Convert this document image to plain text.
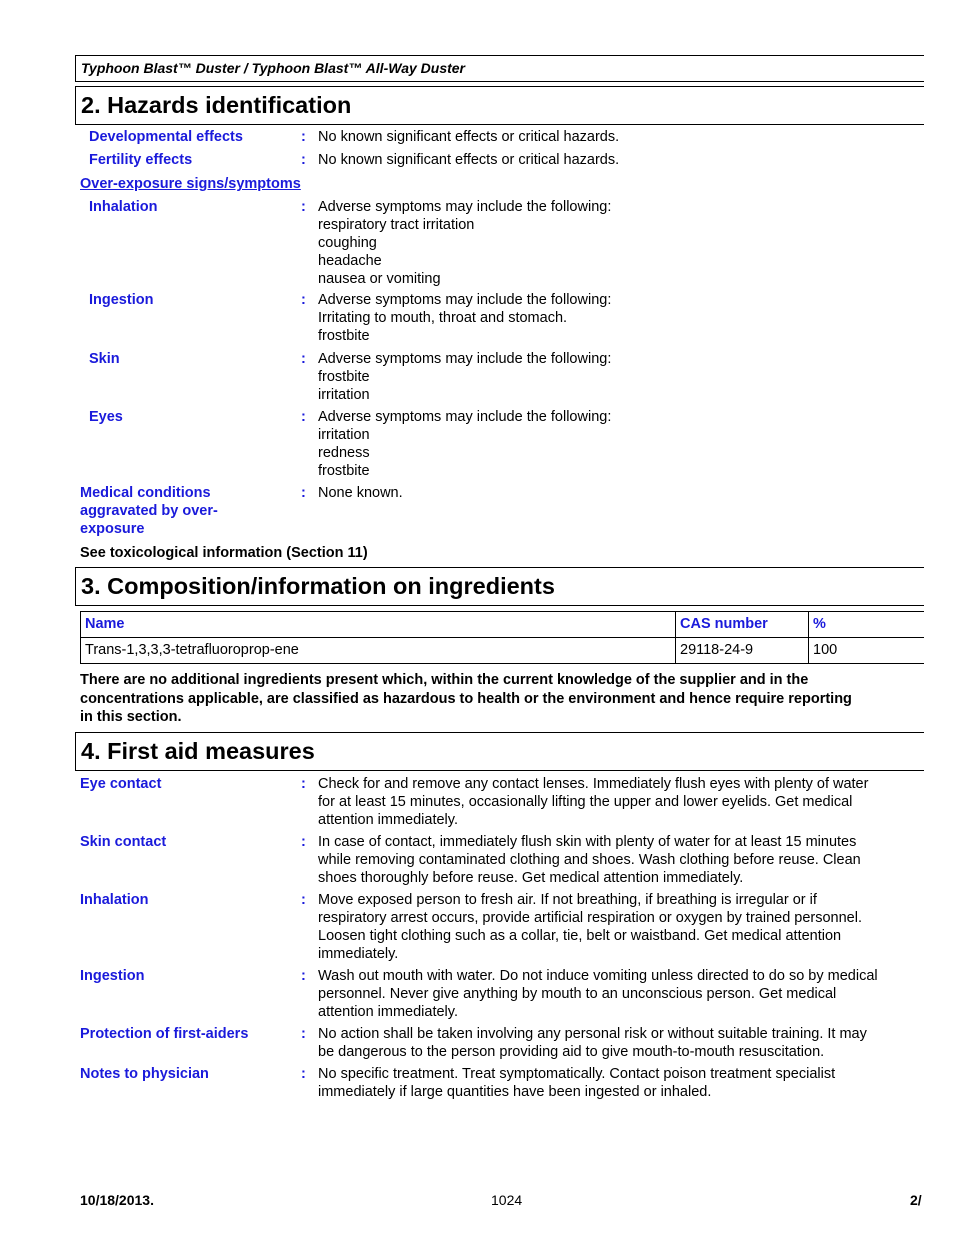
Typhoon Blast™ Duster / Typhoon Blast™ All-Way Duster
2. Hazards identification
Developmental effects	: No known significant effects or critical hazards.
Fertility effects	: No known significant effects or critical hazards.
Over-exposure signs/symptoms
Inhalation	: Adverse symptoms may include the following:
respiratory tract irritation
coughing
headache
nausea or vomiting
Ingestion	: Adverse symptoms may include the following:
Irritating to mouth, throat and stomach.
frostbite
Skin	: Adverse symptoms may include the following:
frostbite
irritation
Eyes	: Adverse symptoms may include the following:
irritation
redness
frostbite
Medical conditions
aggravated by over-
exposure
: None known.
See toxicological information (Section 11)
3. Composition/information on ingredients
Name	CAS number	%
Trans-1,3,3,3-tetrafluoroprop-ene	29118-24-9	100
There are no additional ingredients present which, within the current knowledge of the supplier and in the
concentrations applicable, are classified as hazardous to health or the environment and hence require reporting
in this section.
4. First aid measures
Eye contact	: Check for and remove any contact lenses. Immediately flush eyes with plenty of water
for at least 15 minutes, occasionally lifting the upper and lower eyelids. Get medical
attention immediately.
Skin contact	: In case of contact, immediately flush skin with plenty of water for at least 15 minutes
while removing contaminated clothing and shoes. Wash clothing before reuse. Clean
shoes thoroughly before reuse. Get medical attention immediately.
Inhalation	: Move exposed person to fresh air. If not breathing, if breathing is irregular or if
respiratory arrest occurs, provide artificial respiration or oxygen by trained personnel.
Loosen tight clothing such as a collar, tie, belt or waistband. Get medical attention
immediately.
Ingestion	: Wash out mouth with water. Do not induce vomiting unless directed to do so by medical
personnel. Never give anything by mouth to an unconscious person. Get medical
attention immediately.
Protection of first-aiders	: No action shall be taken involving any personal risk or without suitable training. It may
be dangerous to the person providing aid to give mouth-to-mouth resuscitation.
Notes to physician	: No specific treatment. Treat symptomatically. Contact poison treatment specialist
immediately if large quantities have been ingested or inhaled.
10/18/2013.	1024	2/
